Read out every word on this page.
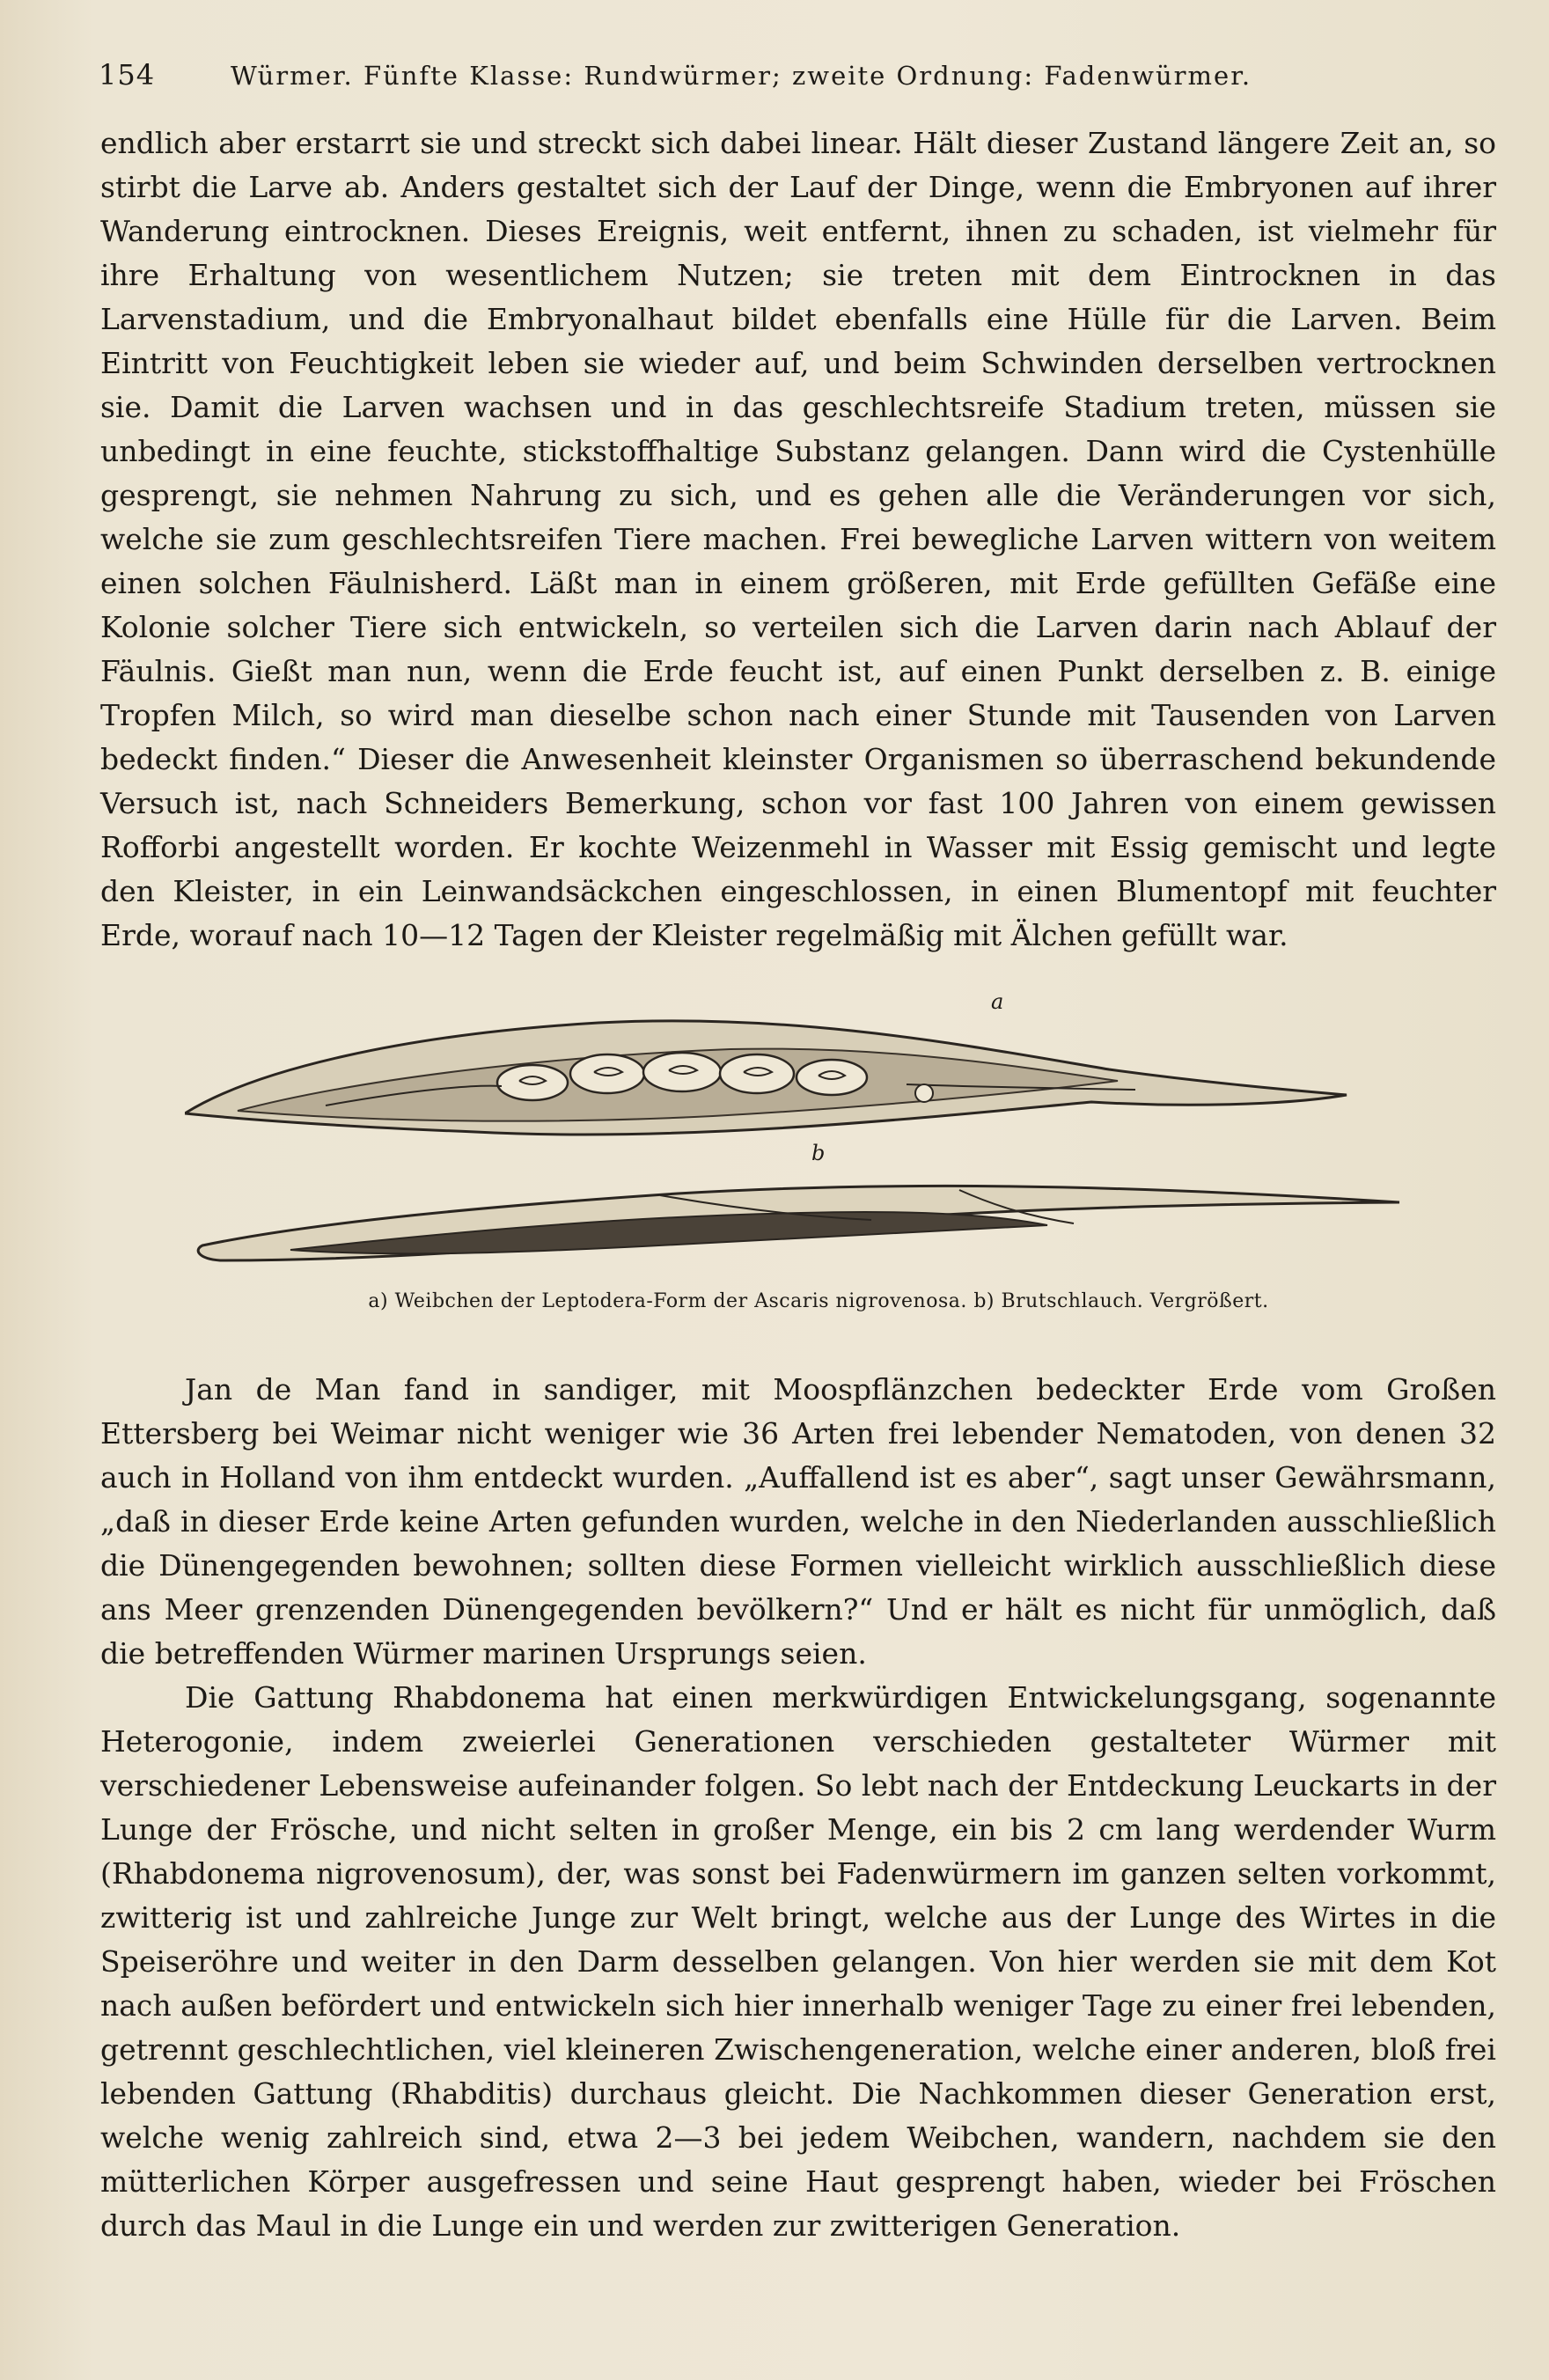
154	Würmer. Fünfte Klasse: Rundwürmer; zweite Ordnung: Fadenwürmer.

endlich aber erstarrt sie und streckt sich dabei linear. Hält dieser Zustand längere Zeit an, so stirbt die Larve ab. Anders gestaltet sich der Lauf der Dinge, wenn die Embryonen auf ihrer Wanderung eintrocknen. Dieses Ereignis, weit entfernt, ihnen zu schaden, ist vielmehr für ihre Erhaltung von wesentlichem Nutzen; sie treten mit dem Eintrocknen in das Larvenstadium, und die Embryonalhaut bildet ebenfalls eine Hülle für die Larven. Beim Eintritt von Feuchtigkeit leben sie wieder auf, und beim Schwinden derselben vertrocknen sie. Damit die Larven wachsen und in das geschlechtsreife Stadium treten, müssen sie unbedingt in eine feuchte, stickstoffhaltige Substanz gelangen. Dann wird die Cystenhülle gesprengt, sie nehmen Nahrung zu sich, und es gehen alle die Veränderungen vor sich, welche sie zum geschlechtsreifen Tiere machen. Frei bewegliche Larven wittern von weitem einen solchen Fäulnisherd. Läßt man in einem größeren, mit Erde gefüllten Gefäße eine Kolonie solcher Tiere sich entwickeln, so verteilen sich die Larven darin nach Ablauf der Fäulnis. Gießt man nun, wenn die Erde feucht ist, auf einen Punkt derselben z. B. einige Tropfen Milch, so wird man dieselbe schon nach einer Stunde mit Tausenden von Larven bedeckt finden.“ Dieser die Anwesenheit kleinster Organismen so überraschend bekundende Versuch ist, nach Schneiders Bemerkung, schon vor fast 100 Jahren von einem gewissen Rofforbi angestellt worden. Er kochte Weizenmehl in Wasser mit Essig gemischt und legte den Kleister, in ein Leinwandsäckchen eingeschlossen, in einen Blumentopf mit feuchter Erde, worauf nach 10—12 Tagen der Kleister regelmäßig mit Älchen gefüllt war.

a
b
a) Weibchen der Leptodera-Form der Ascaris nigrovenosa. b) Brutschlauch. Vergrößert.

Jan de Man fand in sandiger, mit Moospflänzchen bedeckter Erde vom Großen Ettersberg bei Weimar nicht weniger wie 36 Arten frei lebender Nematoden, von denen 32 auch in Holland von ihm entdeckt wurden. „Auffallend ist es aber“, sagt unser Gewährsmann, „daß in dieser Erde keine Arten gefunden wurden, welche in den Niederlanden ausschließlich die Dünengegenden bewohnen; sollten diese Formen vielleicht wirklich ausschließlich diese ans Meer grenzenden Dünengegenden bevölkern?“ Und er hält es nicht für unmöglich, daß die betreffenden Würmer marinen Ursprungs seien.

Die Gattung Rhabdonema hat einen merkwürdigen Entwickelungsgang, sogenannte Heterogonie, indem zweierlei Generationen verschieden gestalteter Würmer mit verschiedener Lebensweise aufeinander folgen. So lebt nach der Entdeckung Leuckarts in der Lunge der Frösche, und nicht selten in großer Menge, ein bis 2 cm lang werdender Wurm (Rhabdonema nigrovenosum), der, was sonst bei Fadenwürmern im ganzen selten vorkommt, zwitterig ist und zahlreiche Junge zur Welt bringt, welche aus der Lunge des Wirtes in die Speiseröhre und weiter in den Darm desselben gelangen. Von hier werden sie mit dem Kot nach außen befördert und entwickeln sich hier innerhalb weniger Tage zu einer frei lebenden, getrennt geschlechtlichen, viel kleineren Zwischengeneration, welche einer anderen, bloß frei lebenden Gattung (Rhabditis) durchaus gleicht. Die Nachkommen dieser Generation erst, welche wenig zahlreich sind, etwa 2—3 bei jedem Weibchen, wandern, nachdem sie den mütterlichen Körper ausgefressen und seine Haut gesprengt haben, wieder bei Fröschen durch das Maul in die Lunge ein und werden zur zwitterigen Generation.
